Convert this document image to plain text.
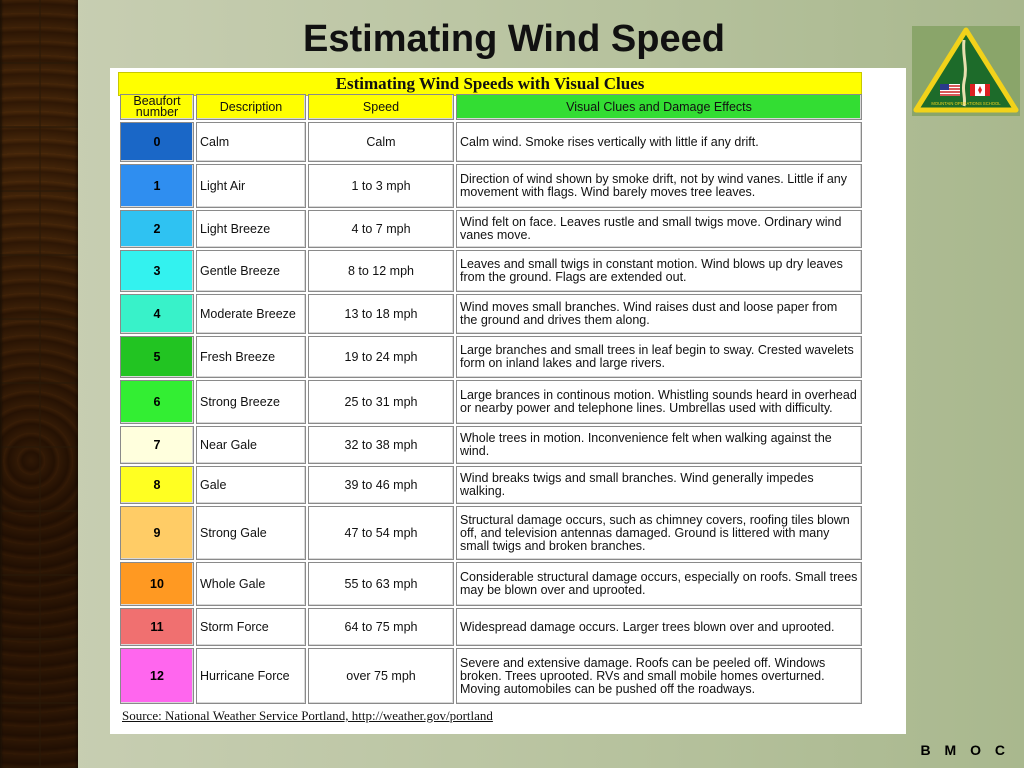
Estimating Wind Speed
MOUNTAIN OPERATIONS SCHOOL
Estimating Wind Speeds with Visual Clues
Beaufort number	Description	Speed	Visual Clues and Damage Effects
0	Calm	Calm	Calm wind. Smoke rises vertically with little if any drift.
1	Light Air	1 to 3 mph	Direction of wind shown by smoke drift, not by wind vanes. Little if any movement with flags. Wind barely moves tree leaves.
2	Light Breeze	4 to 7 mph	Wind felt on face. Leaves rustle and small twigs move. Ordinary wind vanes move.
3	Gentle Breeze	8 to 12 mph	Leaves and small twigs in constant motion. Wind blows up dry leaves from the ground. Flags are extended out.
4	Moderate Breeze	13 to 18 mph	Wind moves small branches. Wind raises dust and loose paper from the ground and drives them along.
5	Fresh Breeze	19 to 24 mph	Large branches and small trees in leaf begin to sway. Crested wavelets form on inland lakes and large rivers.
6	Strong Breeze	25 to 31 mph	Large brances in continous motion. Whistling sounds heard in overhead or nearby power and telephone lines. Umbrellas used with difficulty.
7	Near Gale	32 to 38 mph	Whole trees in motion. Inconvenience felt when walking against the wind.
8	Gale	39 to 46 mph	Wind breaks twigs and small branches. Wind generally impedes walking.
9	Strong Gale	47 to 54 mph	Structural damage occurs, such as chimney covers, roofing tiles blown off, and television antennas damaged. Ground is littered with many small twigs and broken branches.
10	Whole Gale	55 to 63 mph	Considerable structural damage occurs, especially on roofs. Small trees may be blown over and uprooted.
11	Storm Force	64 to 75 mph	Widespread damage occurs. Larger trees blown over and uprooted.
12	Hurricane Force	over 75 mph	Severe and extensive damage. Roofs can be peeled off. Windows broken. Trees uprooted. RVs and small mobile homes overturned. Moving automobiles can be pushed off the roadways.
Source: National Weather Service Portland, http://weather.gov/portland
B M O C
